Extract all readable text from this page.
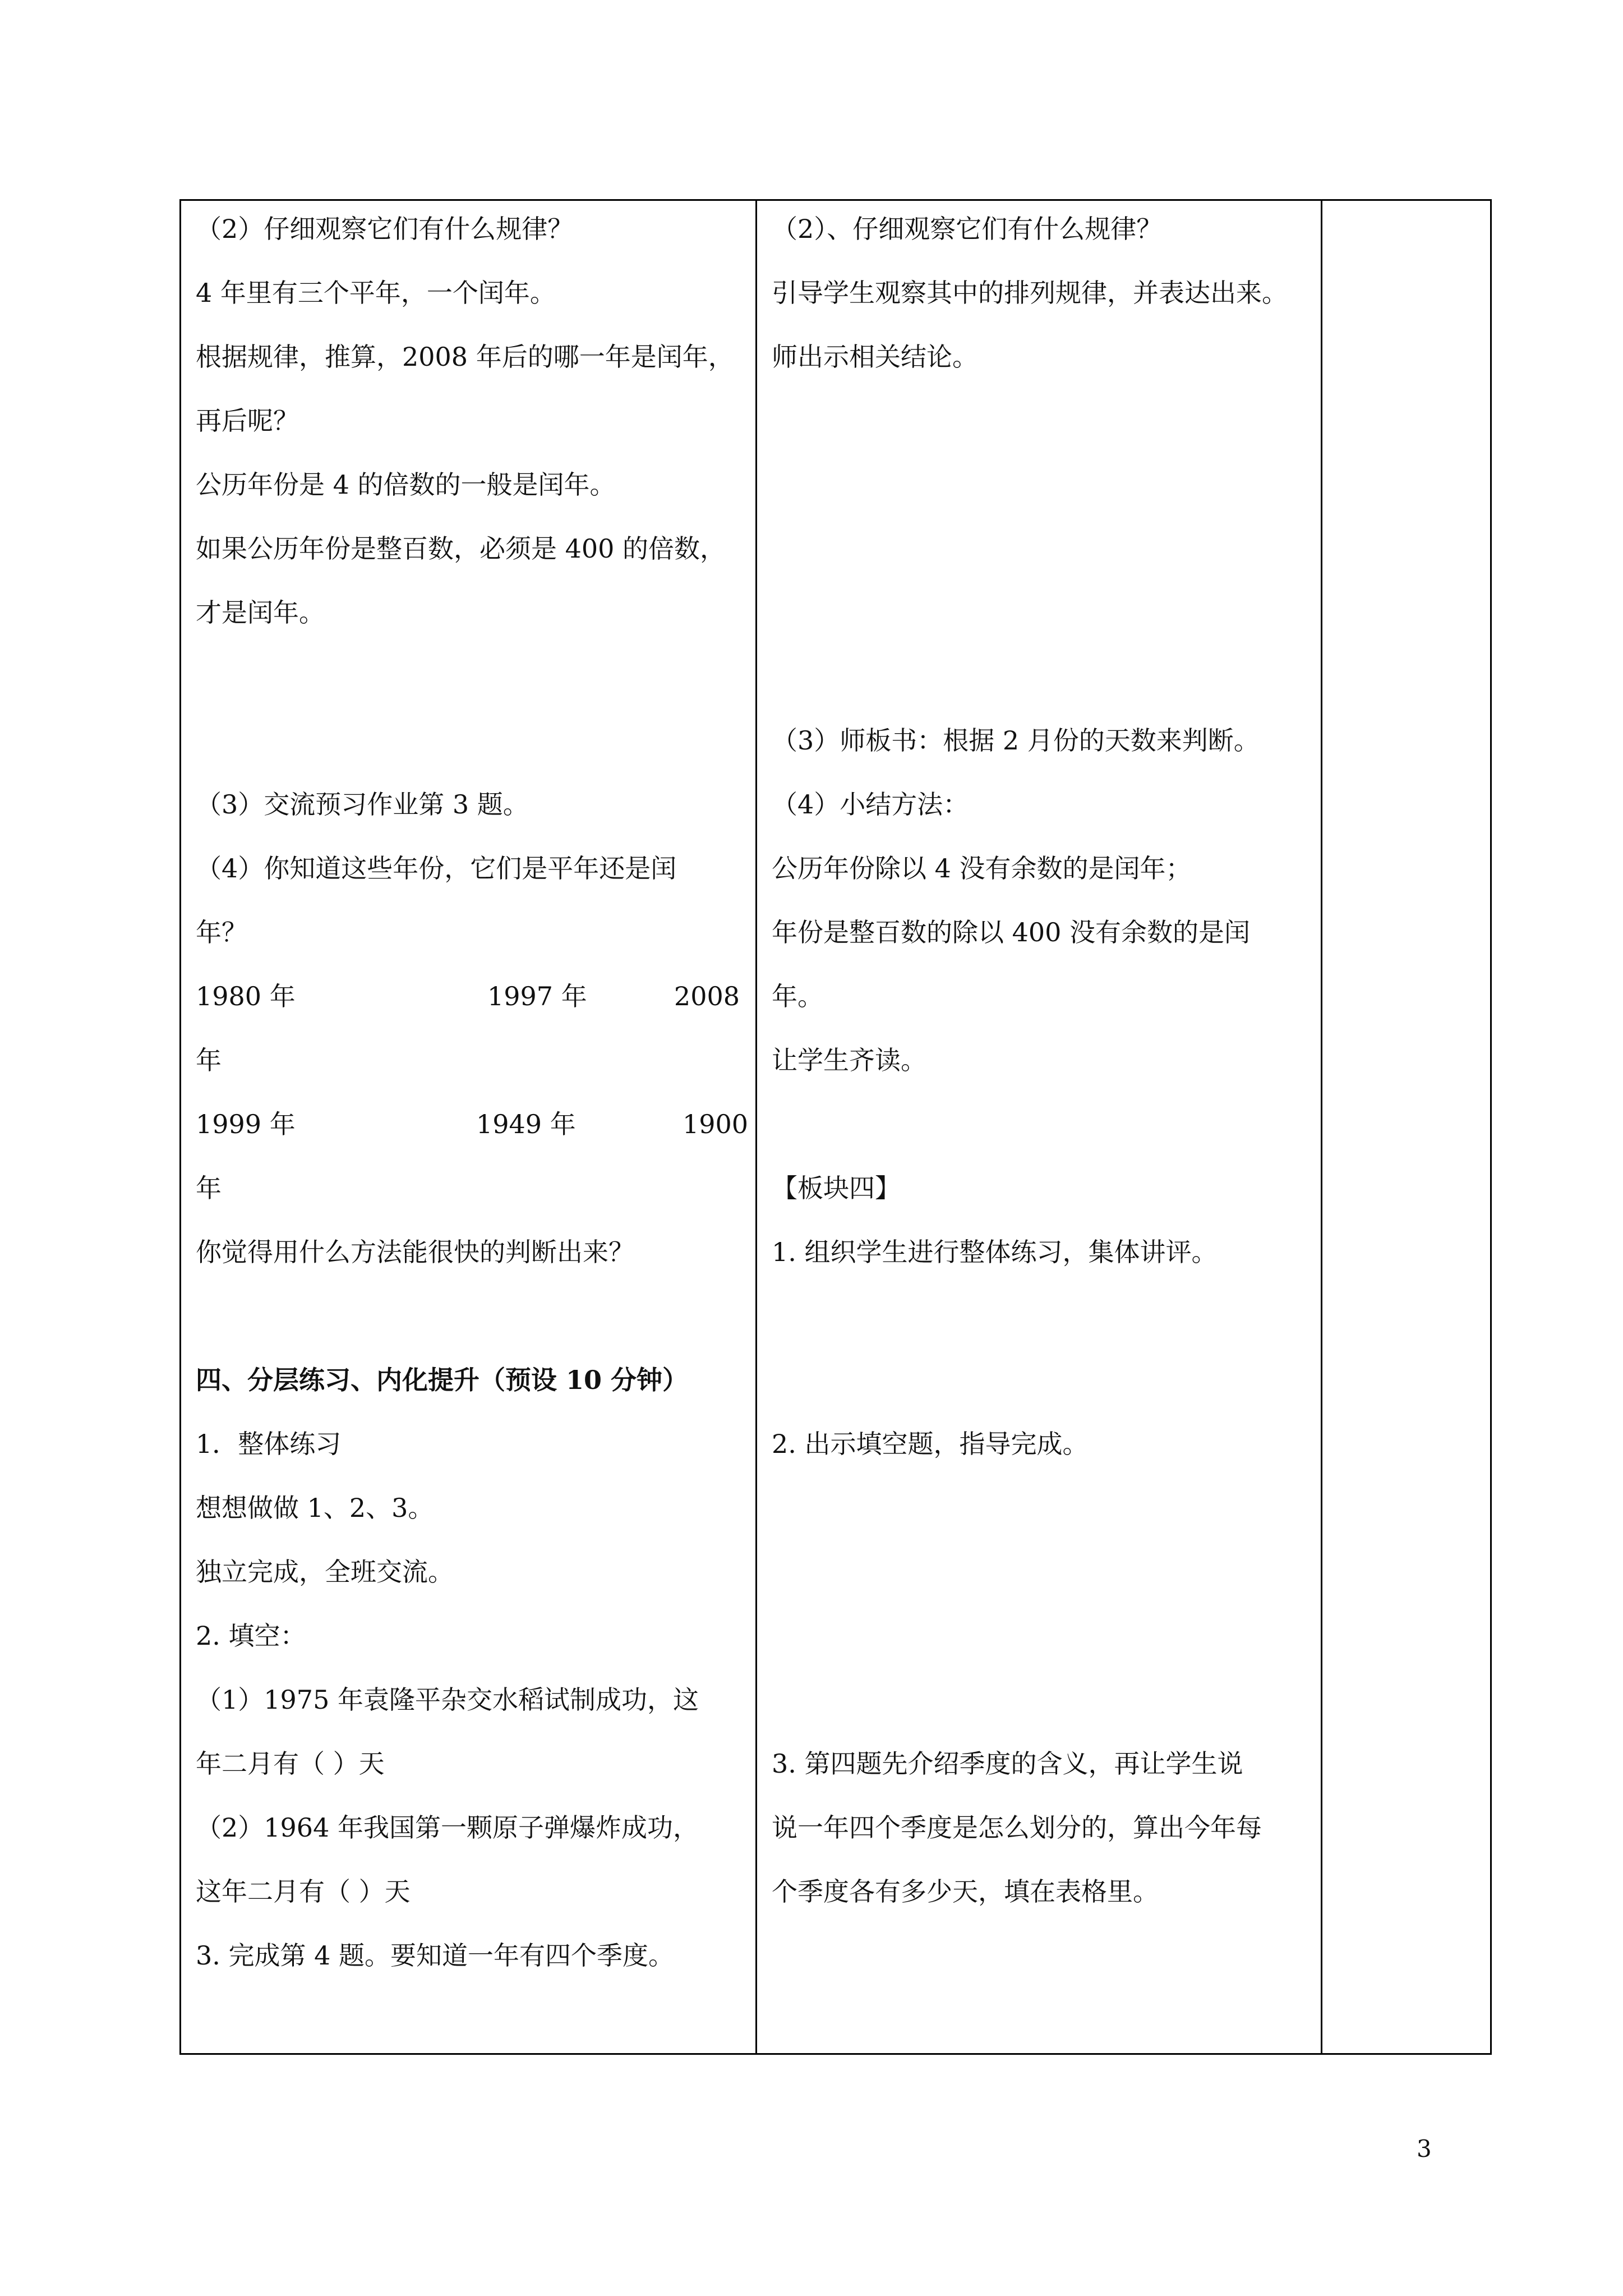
（2）仔细观察它们有什么规律？
4 年里有三个平年，一个闰年。
根据规律，推算，2008 年后的哪一年是闰年，
再后呢？
公历年份是 4 的倍数的一般是闰年。
如果公历年份是整百数，必须是 400 的倍数，
才是闰年。
（3）交流预习作业第 3 题。
（4）你知道这些年份，它们是平年还是闰
年？
1980 年	1997 年	2008
年
1999 年	1949 年	1900
年
你觉得用什么方法能很快的判断出来？
四、分层练习、内化提升（预设 10 分钟）
1．整体练习
想想做做 1、2、3。
独立完成，全班交流。
2. 填空：
（1）1975 年袁隆平杂交水稻试制成功，这
年二月有（ ）天
（2）1964 年我国第一颗原子弹爆炸成功，
这年二月有（ ）天
3. 完成第 4 题。要知道一年有四个季度。
（2）、仔细观察它们有什么规律？
引导学生观察其中的排列规律，并表达出来。
师出示相关结论。
（3）师板书：根据 2 月份的天数来判断。
（4）小结方法：
公历年份除以 4 没有余数的是闰年；
年份是整百数的除以 400 没有余数的是闰
年。
让学生齐读。
【板块四】
1. 组织学生进行整体练习，集体讲评。
2. 出示填空题，指导完成。
3. 第四题先介绍季度的含义，再让学生说
说一年四个季度是怎么划分的，算出今年每
个季度各有多少天，填在表格里。
3
